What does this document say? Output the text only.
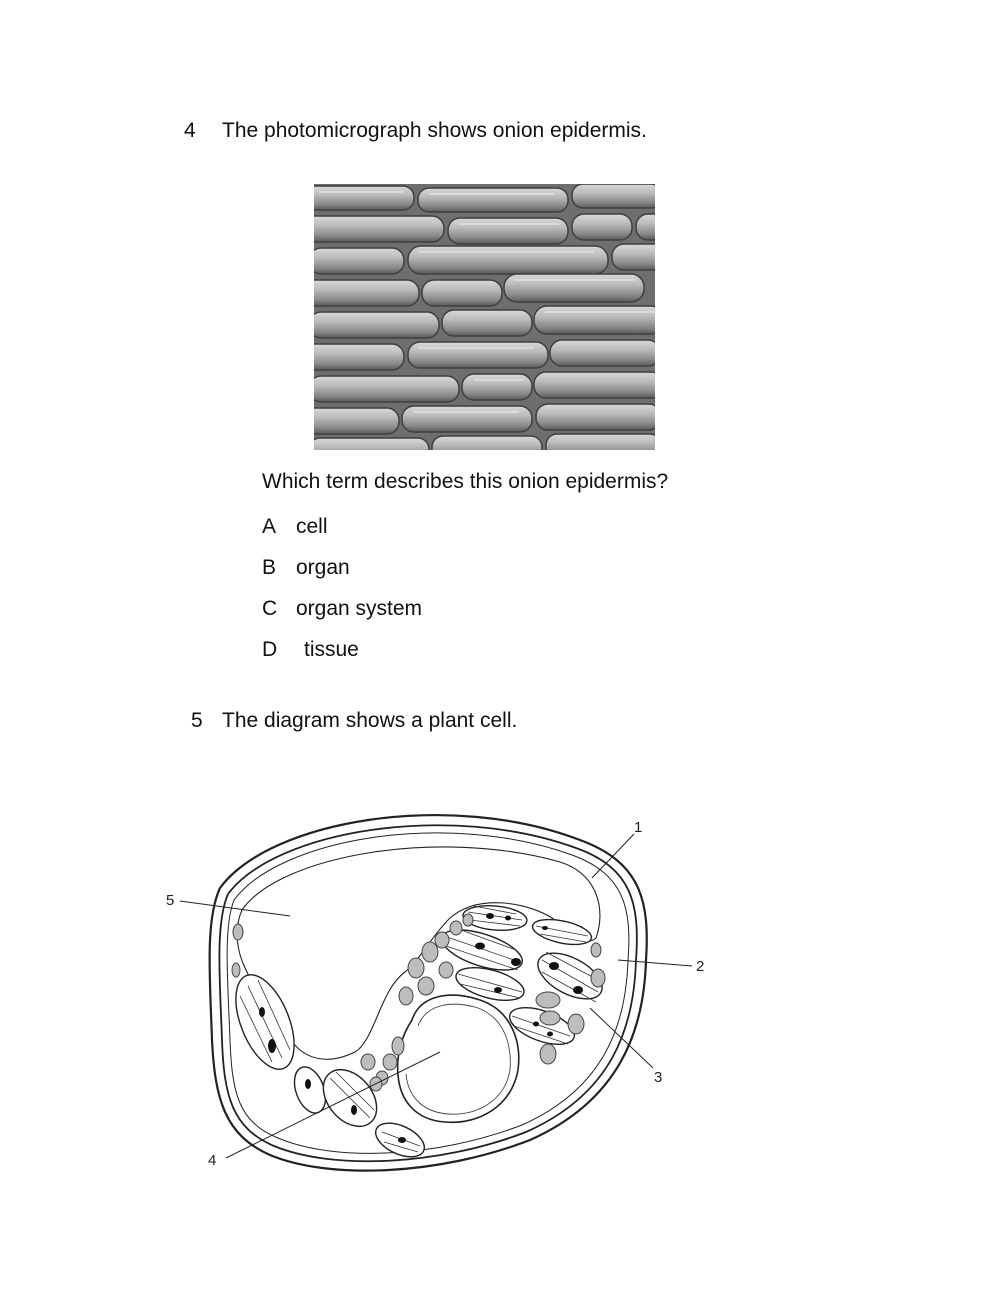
4 The photomicrograph shows onion epidermis.
Which term describes this onion epidermis?
A cell
B organ
C organ system
D tissue
5 The diagram shows a plant cell.
1
2
3
4
5
